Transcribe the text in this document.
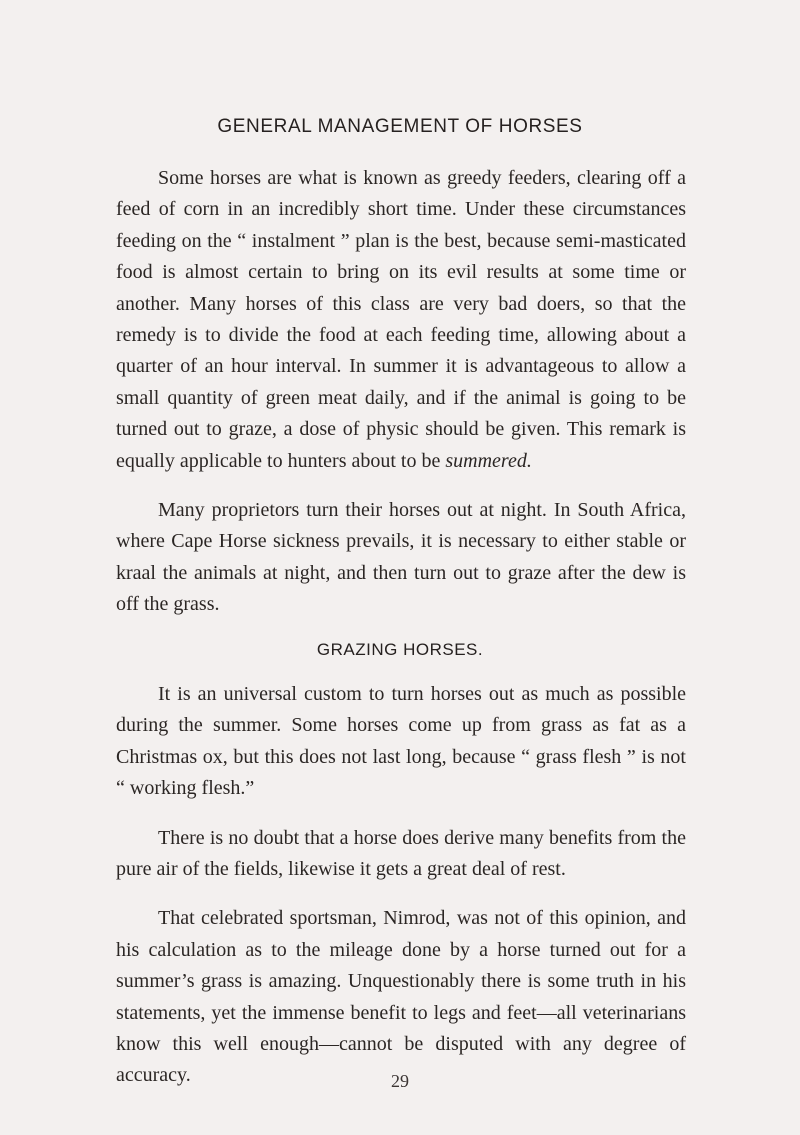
GENERAL MANAGEMENT OF HORSES

Some horses are what is known as greedy feeders, clearing off a feed of corn in an incredibly short time. Under these circumstances feeding on the “ instalment ” plan is the best, because semi-masticated food is almost certain to bring on its evil results at some time or another. Many horses of this class are very bad doers, so that the remedy is to divide the food at each feeding time, allowing about a quarter of an hour interval. In summer it is advantageous to allow a small quantity of green meat daily, and if the animal is going to be turned out to graze, a dose of physic should be given. This remark is equally applicable to hunters about to be summered.

Many proprietors turn their horses out at night. In South Africa, where Cape Horse sickness prevails, it is necessary to either stable or kraal the animals at night, and then turn out to graze after the dew is off the grass.

GRAZING HORSES.

It is an universal custom to turn horses out as much as possible during the summer. Some horses come up from grass as fat as a Christmas ox, but this does not last long, because “ grass flesh ” is not “ working flesh.”

There is no doubt that a horse does derive many benefits from the pure air of the fields, likewise it gets a great deal of rest.

That celebrated sportsman, Nimrod, was not of this opinion, and his calculation as to the mileage done by a horse turned out for a summer’s grass is amazing. Unquestionably there is some truth in his statements, yet the immense benefit to legs and feet—all veterinarians know this well enough—cannot be disputed with any degree of accuracy.	29
